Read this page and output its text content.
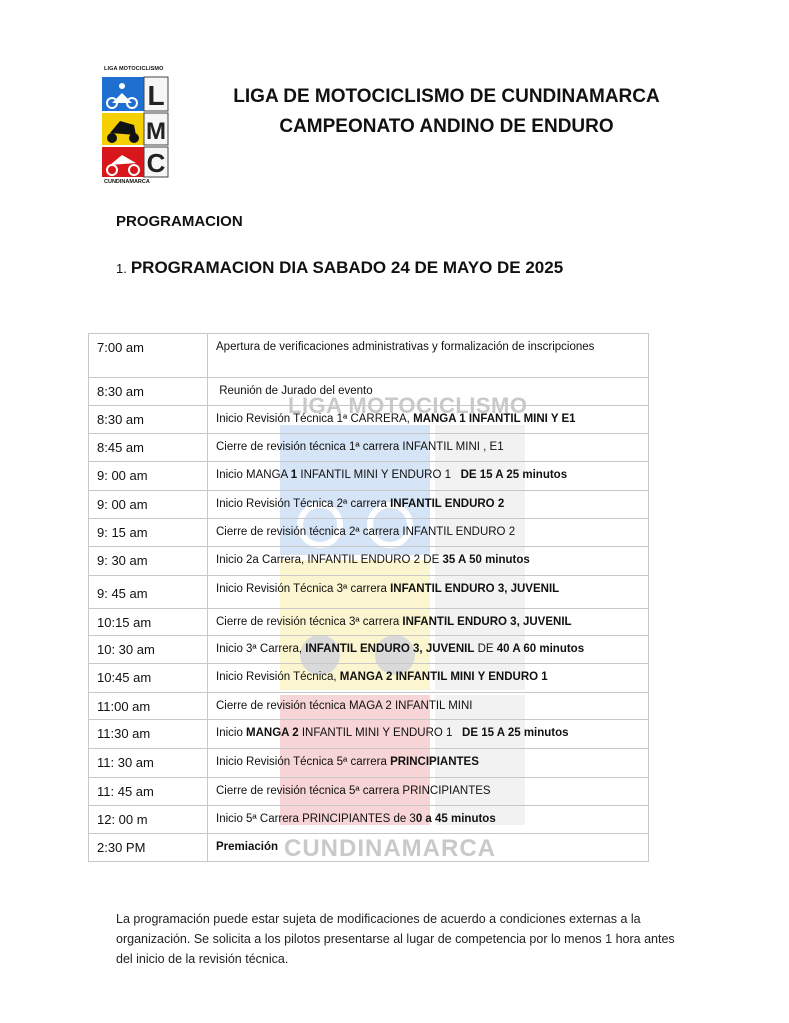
LIGA MOTOCICLISMO
L
M
C
CUNDINAMARCA
LIGA DE MOTOCICLISMO DE CUNDINAMARCA
CAMPEONATO ANDINO DE ENDURO
PROGRAMACION
1. PROGRAMACION DIA SABADO 24 DE MAYO DE 2025
LIGA MOTOCICLISMO
CUNDINAMARCA
7:00 am	Apertura de verificaciones administrativas y formalización de inscripciones
8:30 am	Reunión de Jurado del evento
8:30 am	Inicio Revisión Técnica 1ª CARRERA, MANGA 1 INFANTIL MINI Y E1
8:45 am	Cierre de revisión técnica 1ª carrera INFANTIL MINI , E1
9: 00 am	Inicio MANGA 1 INFANTIL MINI Y ENDURO 1   DE 15 A 25 minutos
9: 00 am	Inicio Revisión Técnica 2ª carrera INFANTIL ENDURO 2
9: 15 am	Cierre de revisión técnica 2ª carrera INFANTIL ENDURO 2
9: 30 am	Inicio 2a Carrera, INFANTIL ENDURO 2 DE 35 A 50 minutos
9: 45 am	Inicio Revisión Técnica 3ª carrera INFANTIL ENDURO 3, JUVENIL
10:15 am	Cierre de revisión técnica 3ª carrera INFANTIL ENDURO 3, JUVENIL
10: 30 am	Inicio 3ª Carrera, INFANTIL ENDURO 3, JUVENIL DE 40 A 60 minutos
10:45 am	Inicio Revisión Técnica, MANGA 2 INFANTIL MINI Y ENDURO 1
11:00 am	Cierre de revisión técnica MAGA 2 INFANTIL MINI
11:30 am	Inicio MANGA 2 INFANTIL MINI Y ENDURO 1   DE 15 A 25 minutos
11: 30 am	Inicio Revisión Técnica 5ª carrera PRINCIPIANTES
11: 45 am	Cierre de revisión técnica 5ª carrera PRINCIPIANTES
12: 00 m	Inicio 5ª Carrera PRINCIPIANTES de 30 a 45 minutos
2:30 PM	Premiación
La programación puede estar sujeta de modificaciones de acuerdo a condiciones externas a la organización. Se solicita a los pilotos presentarse al lugar de competencia por lo menos 1 hora antes del inicio de la revisión técnica.
